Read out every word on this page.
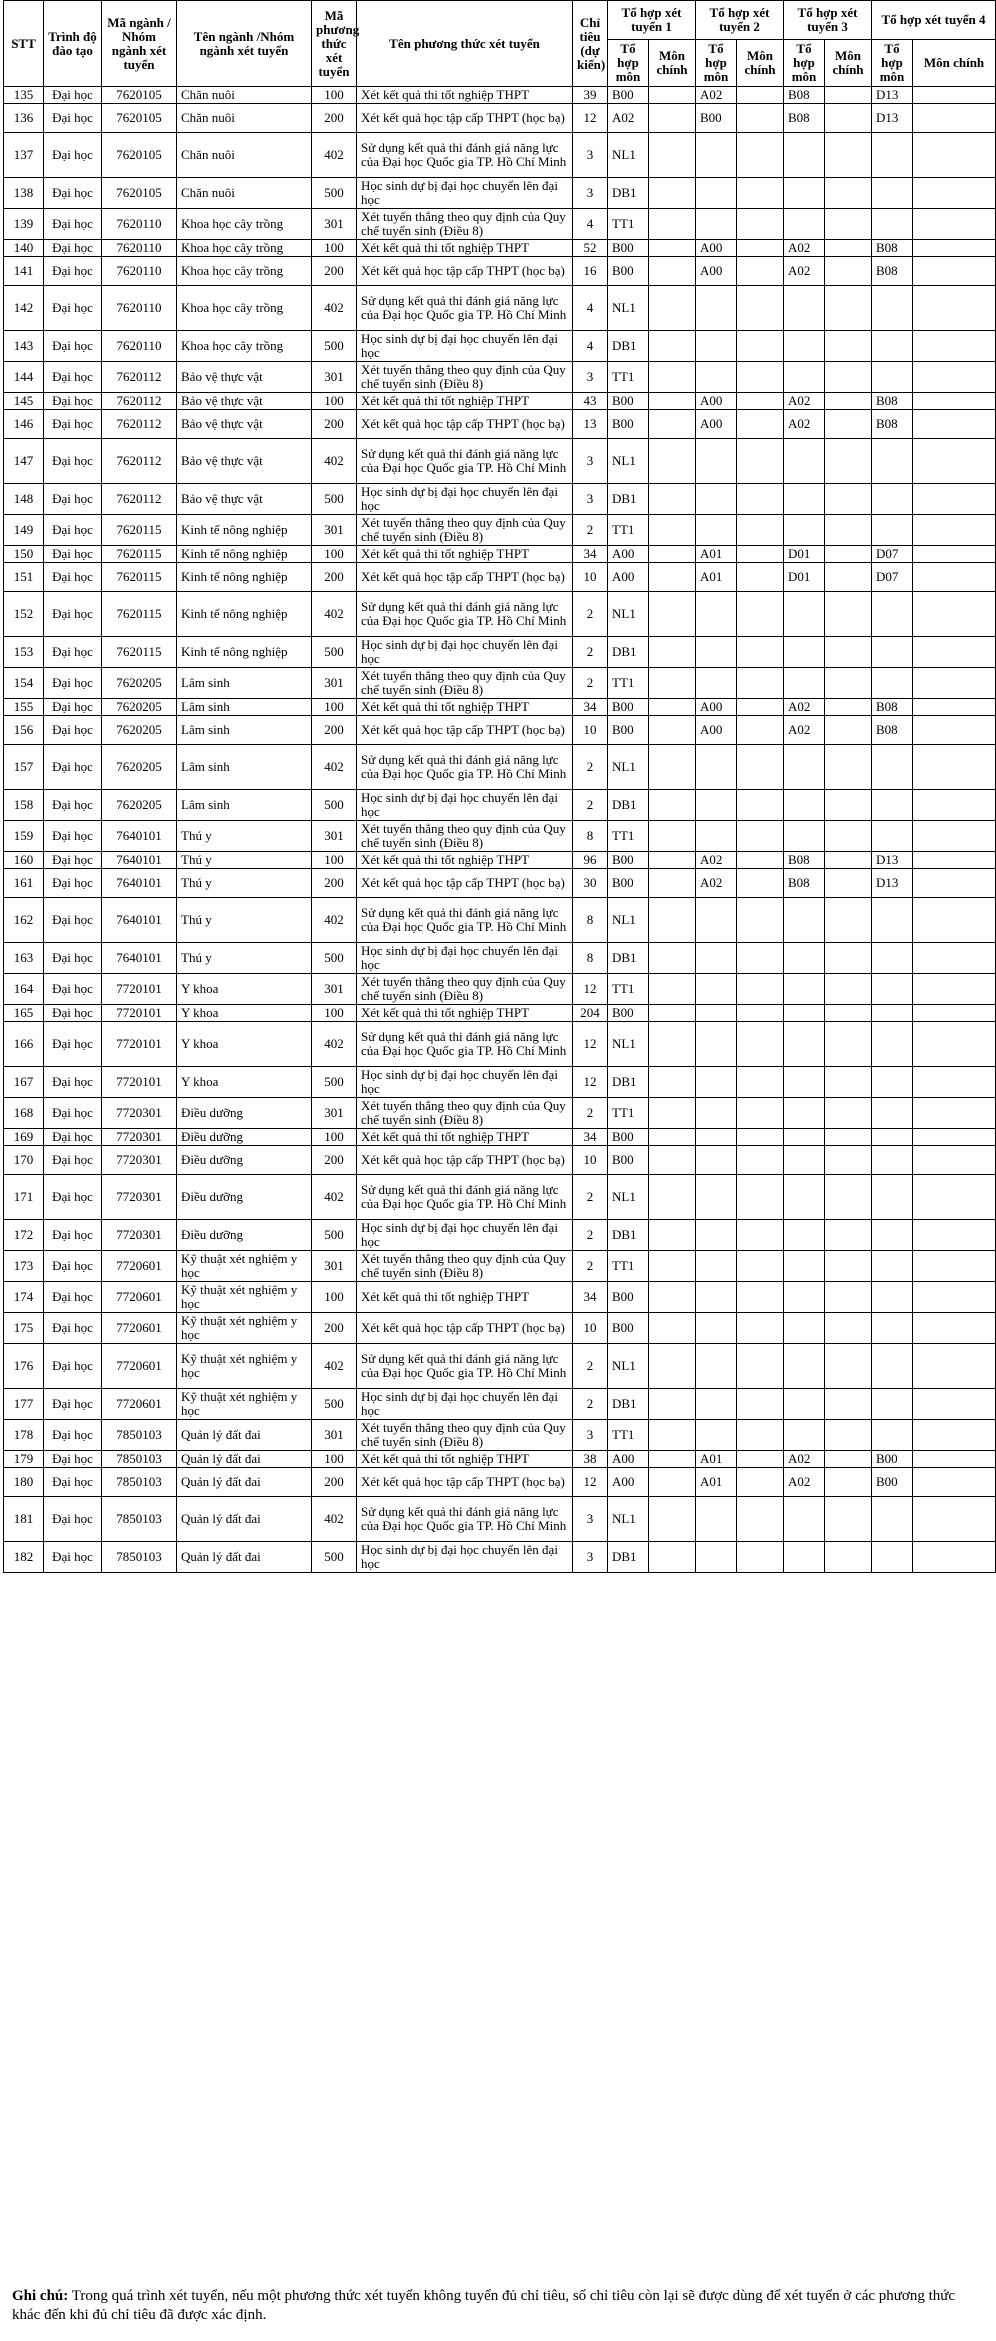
STT	Trình độ đào tạo	Mã ngành / Nhóm ngành xét tuyển	Tên ngành /Nhóm ngành xét tuyển	Mã phương thức xét tuyển	Tên phương thức xét tuyển	Chỉ tiêu (dự kiến)	Tổ hợp xét tuyển 1		Tổ hợp xét tuyển 2		Tổ hợp xét tuyển 3		Tổ hợp xét tuyển 4	
							Tổ hợp môn	Môn chính	Tổ hợp môn	Môn chính	Tổ hợp môn	Môn chính	Tổ hợp môn	Môn chính
135	Đại học	7620105	Chăn nuôi	100	Xét kết quả thi tốt nghiệp THPT	39	B00		A02		B08		D13	
136	Đại học	7620105	Chăn nuôi	200	Xét kết quả học tập cấp THPT (học bạ)	12	A02		B00		B08		D13	
137	Đại học	7620105	Chăn nuôi	402	Sử dụng kết quả thi đánh giá năng lực của Đại học Quốc gia TP. Hồ Chí Minh	3	NL1							
138	Đại học	7620105	Chăn nuôi	500	Học sinh dự bị đại học chuyển lên đại học	3	DB1							
139	Đại học	7620110	Khoa học cây trồng	301	Xét tuyển thẳng theo quy định của Quy chế tuyển sinh (Điều 8)	4	TT1							
140	Đại học	7620110	Khoa học cây trồng	100	Xét kết quả thi tốt nghiệp THPT	52	B00		A00		A02		B08	
141	Đại học	7620110	Khoa học cây trồng	200	Xét kết quả học tập cấp THPT (học bạ)	16	B00		A00		A02		B08	
142	Đại học	7620110	Khoa học cây trồng	402	Sử dụng kết quả thi đánh giá năng lực của Đại học Quốc gia TP. Hồ Chí Minh	4	NL1							
143	Đại học	7620110	Khoa học cây trồng	500	Học sinh dự bị đại học chuyển lên đại học	4	DB1							
144	Đại học	7620112	Bảo vệ thực vật	301	Xét tuyển thẳng theo quy định của Quy chế tuyển sinh (Điều 8)	3	TT1							
145	Đại học	7620112	Bảo vệ thực vật	100	Xét kết quả thi tốt nghiệp THPT	43	B00		A00		A02		B08	
146	Đại học	7620112	Bảo vệ thực vật	200	Xét kết quả học tập cấp THPT (học bạ)	13	B00		A00		A02		B08	
147	Đại học	7620112	Bảo vệ thực vật	402	Sử dụng kết quả thi đánh giá năng lực của Đại học Quốc gia TP. Hồ Chí Minh	3	NL1							
148	Đại học	7620112	Bảo vệ thực vật	500	Học sinh dự bị đại học chuyển lên đại học	3	DB1							
149	Đại học	7620115	Kinh tế nông nghiệp	301	Xét tuyển thẳng theo quy định của Quy chế tuyển sinh (Điều 8)	2	TT1							
150	Đại học	7620115	Kinh tế nông nghiệp	100	Xét kết quả thi tốt nghiệp THPT	34	A00		A01		D01		D07	
151	Đại học	7620115	Kinh tế nông nghiệp	200	Xét kết quả học tập cấp THPT (học bạ)	10	A00		A01		D01		D07	
152	Đại học	7620115	Kinh tế nông nghiệp	402	Sử dụng kết quả thi đánh giá năng lực của Đại học Quốc gia TP. Hồ Chí Minh	2	NL1							
153	Đại học	7620115	Kinh tế nông nghiệp	500	Học sinh dự bị đại học chuyển lên đại học	2	DB1							
154	Đại học	7620205	Lâm sinh	301	Xét tuyển thẳng theo quy định của Quy chế tuyển sinh (Điều 8)	2	TT1							
155	Đại học	7620205	Lâm sinh	100	Xét kết quả thi tốt nghiệp THPT	34	B00		A00		A02		B08	
156	Đại học	7620205	Lâm sinh	200	Xét kết quả học tập cấp THPT (học bạ)	10	B00		A00		A02		B08	
157	Đại học	7620205	Lâm sinh	402	Sử dụng kết quả thi đánh giá năng lực của Đại học Quốc gia TP. Hồ Chí Minh	2	NL1							
158	Đại học	7620205	Lâm sinh	500	Học sinh dự bị đại học chuyển lên đại học	2	DB1							
159	Đại học	7640101	Thú y	301	Xét tuyển thẳng theo quy định của Quy chế tuyển sinh (Điều 8)	8	TT1							
160	Đại học	7640101	Thú y	100	Xét kết quả thi tốt nghiệp THPT	96	B00		A02		B08		D13	
161	Đại học	7640101	Thú y	200	Xét kết quả học tập cấp THPT (học bạ)	30	B00		A02		B08		D13	
162	Đại học	7640101	Thú y	402	Sử dụng kết quả thi đánh giá năng lực của Đại học Quốc gia TP. Hồ Chí Minh	8	NL1							
163	Đại học	7640101	Thú y	500	Học sinh dự bị đại học chuyển lên đại học	8	DB1							
164	Đại học	7720101	Y khoa	301	Xét tuyển thẳng theo quy định của Quy chế tuyển sinh (Điều 8)	12	TT1							
165	Đại học	7720101	Y khoa	100	Xét kết quả thi tốt nghiệp THPT	204	B00							
166	Đại học	7720101	Y khoa	402	Sử dụng kết quả thi đánh giá năng lực của Đại học Quốc gia TP. Hồ Chí Minh	12	NL1							
167	Đại học	7720101	Y khoa	500	Học sinh dự bị đại học chuyển lên đại học	12	DB1							
168	Đại học	7720301	Điều dưỡng	301	Xét tuyển thẳng theo quy định của Quy chế tuyển sinh (Điều 8)	2	TT1							
169	Đại học	7720301	Điều dưỡng	100	Xét kết quả thi tốt nghiệp THPT	34	B00							
170	Đại học	7720301	Điều dưỡng	200	Xét kết quả học tập cấp THPT (học bạ)	10	B00							
171	Đại học	7720301	Điều dưỡng	402	Sử dụng kết quả thi đánh giá năng lực của Đại học Quốc gia TP. Hồ Chí Minh	2	NL1							
172	Đại học	7720301	Điều dưỡng	500	Học sinh dự bị đại học chuyển lên đại học	2	DB1							
173	Đại học	7720601	Kỹ thuật xét nghiệm y học	301	Xét tuyển thẳng theo quy định của Quy chế tuyển sinh (Điều 8)	2	TT1							
174	Đại học	7720601	Kỹ thuật xét nghiệm y học	100	Xét kết quả thi tốt nghiệp THPT	34	B00							
175	Đại học	7720601	Kỹ thuật xét nghiệm y học	200	Xét kết quả học tập cấp THPT (học bạ)	10	B00							
176	Đại học	7720601	Kỹ thuật xét nghiệm y học	402	Sử dụng kết quả thi đánh giá năng lực của Đại học Quốc gia TP. Hồ Chí Minh	2	NL1							
177	Đại học	7720601	Kỹ thuật xét nghiệm y học	500	Học sinh dự bị đại học chuyển lên đại học	2	DB1							
178	Đại học	7850103	Quản lý đất đai	301	Xét tuyển thẳng theo quy định của Quy chế tuyển sinh (Điều 8)	3	TT1							
179	Đại học	7850103	Quản lý đất đai	100	Xét kết quả thi tốt nghiệp THPT	38	A00		A01		A02		B00	
180	Đại học	7850103	Quản lý đất đai	200	Xét kết quả học tập cấp THPT (học bạ)	12	A00		A01		A02		B00	
181	Đại học	7850103	Quản lý đất đai	402	Sử dụng kết quả thi đánh giá năng lực của Đại học Quốc gia TP. Hồ Chí Minh	3	NL1							
182	Đại học	7850103	Quản lý đất đai	500	Học sinh dự bị đại học chuyển lên đại học	3	DB1							
Ghi chú: Trong quá trình xét tuyển, nếu một phương thức xét tuyển không tuyển đủ chỉ tiêu, số chỉ tiêu còn lại sẽ được dùng để xét tuyển ở các phương thức khác đến khi đủ chỉ tiêu đã được xác định.
